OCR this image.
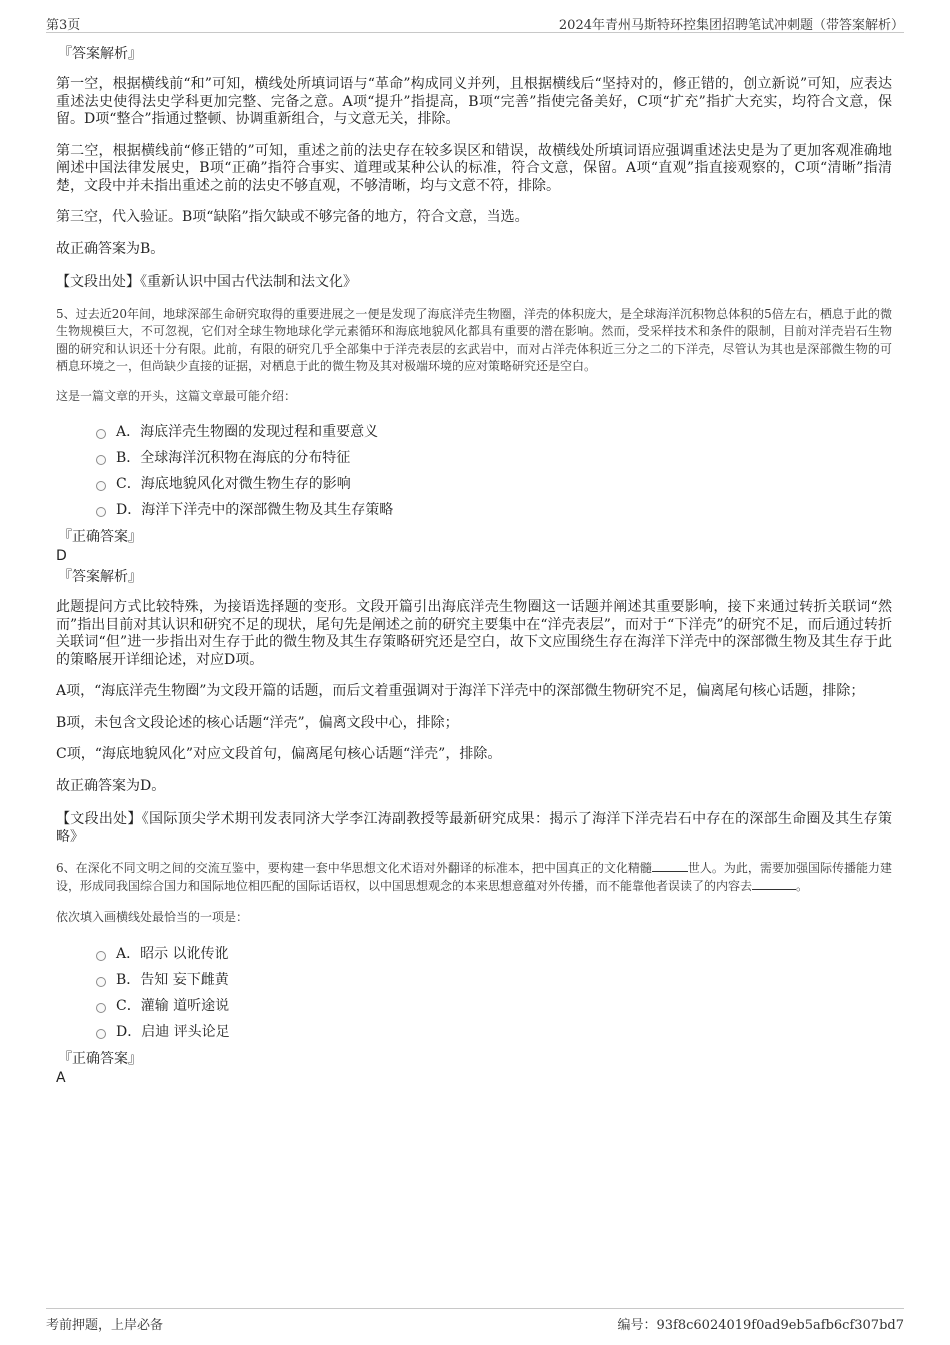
第3页	2024年青州马斯特环控集团招聘笔试冲刺题（带答案解析）
『答案解析』

第一空，根据横线前“和”可知，横线处所填词语与“革命”构成同义并列，且根据横线后“坚持对的，修正错的，创立新说”可知，应表达重述法史使得法史学科更加完整、完备之意。A项“提升”指提高，B项“完善”指使完备美好，C项“扩充”指扩大充实，均符合文意，保留。D项“整合”指通过整顿、协调重新组合，与文意无关，排除。

第二空，根据横线前“修正错的”可知，重述之前的法史存在较多误区和错误，故横线处所填词语应强调重述法史是为了更加客观准确地阐述中国法律发展史，B项“正确”指符合事实、道理或某种公认的标准，符合文意，保留。A项“直观”指直接观察的，C项“清晰”指清楚，文段中并未指出重述之前的法史不够直观，不够清晰，均与文意不符，排除。

第三空，代入验证。B项“缺陷”指欠缺或不够完备的地方，符合文意，当选。

故正确答案为B。

【文段出处】《重新认识中国古代法制和法文化》

5、过去近20年间，地球深部生命研究取得的重要进展之一便是发现了海底洋壳生物圈，洋壳的体积庞大，是全球海洋沉积物总体积的5倍左右，栖息于此的微生物规模巨大，不可忽视，它们对全球生物地球化学元素循环和海底地貌风化都具有重要的潜在影响。然而，受采样技术和条件的限制，目前对洋壳岩石生物圈的研究和认识还十分有限。此前，有限的研究几乎全部集中于洋壳表层的玄武岩中，而对占洋壳体积近三分之二的下洋壳，尽管认为其也是深部微生物的可栖息环境之一，但尚缺少直接的证据，对栖息于此的微生物及其对极端环境的应对策略研究还是空白。

这是一篇文章的开头，这篇文章最可能介绍：

A．海底洋壳生物圈的发现过程和重要意义
B．全球海洋沉积物在海底的分布特征
C．海底地貌风化对微生物生存的影响
D．海洋下洋壳中的深部微生物及其生存策略
『正确答案』
D
『答案解析』

此题提问方式比较特殊，为接语选择题的变形。文段开篇引出海底洋壳生物圈这一话题并阐述其重要影响，接下来通过转折关联词“然而”指出目前对其认识和研究不足的现状，尾句先是阐述之前的研究主要集中在“洋壳表层”，而对于“下洋壳”的研究不足，而后通过转折关联词“但”进一步指出对生存于此的微生物及其生存策略研究还是空白，故下文应围绕生存在海洋下洋壳中的深部微生物及其生存于此的策略展开详细论述，对应D项。

A项，“海底洋壳生物圈”为文段开篇的话题，而后文着重强调对于海洋下洋壳中的深部微生物研究不足，偏离尾句核心话题，排除；

B项，未包含文段论述的核心话题“洋壳”，偏离文段中心，排除；

C项，“海底地貌风化”对应文段首句，偏离尾句核心话题“洋壳”，排除。

故正确答案为D。

【文段出处】《国际顶尖学术期刊发表同济大学李江涛副教授等最新研究成果：揭示了海洋下洋壳岩石中存在的深部生命圈及其生存策略》

6、在深化不同文明之间的交流互鉴中，要构建一套中华思想文化术语对外翻译的标准本，把中国真正的文化精髓	世人。为此，需要加强国际传播能力建设，形成同我国综合国力和国际地位相匹配的国际话语权，以中国思想观念的本来思想意蕴对外传播，而不能靠他者误读了的内容去	。

依次填入画横线处最恰当的一项是：

A．昭示 以讹传讹
B．告知 妄下雌黄
C．灌输 道听途说
D．启迪 评头论足
『正确答案』
A
考前押题，上岸必备	编号：93f8c6024019f0ad9eb5afb6cf307bd7
